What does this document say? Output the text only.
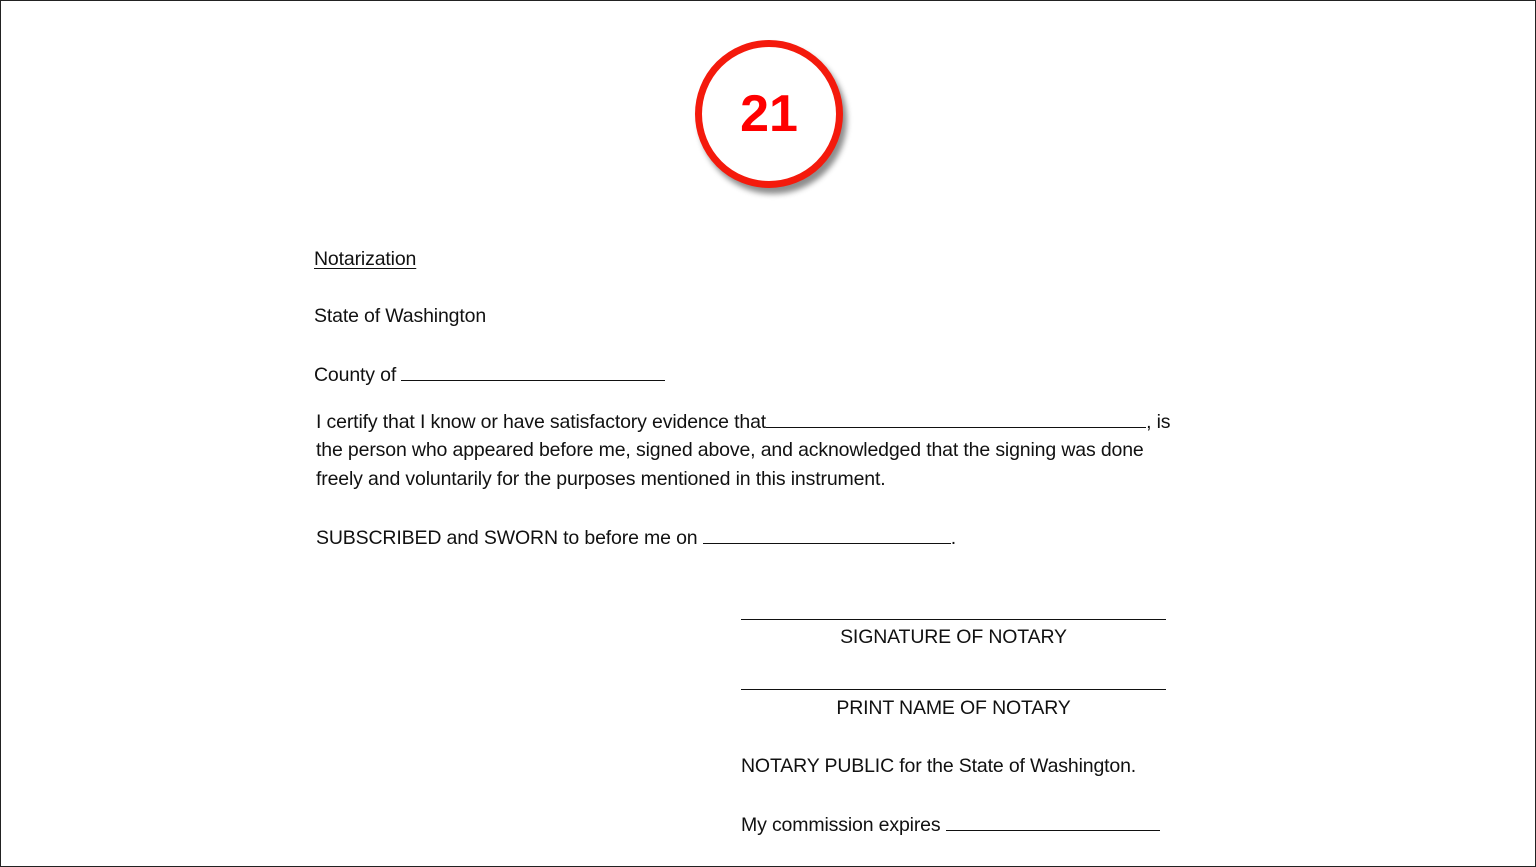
21
Notarization
State of Washington
County of
I certify that I know or have satisfactory evidence that	, is
the person who appeared before me, signed above, and acknowledged that the signing was done
freely and voluntarily for the purposes mentioned in this instrument.
SUBSCRIBED and SWORN to before me on	.
SIGNATURE OF NOTARY
PRINT NAME OF NOTARY
NOTARY PUBLIC for the State of Washington.
My commission expires
